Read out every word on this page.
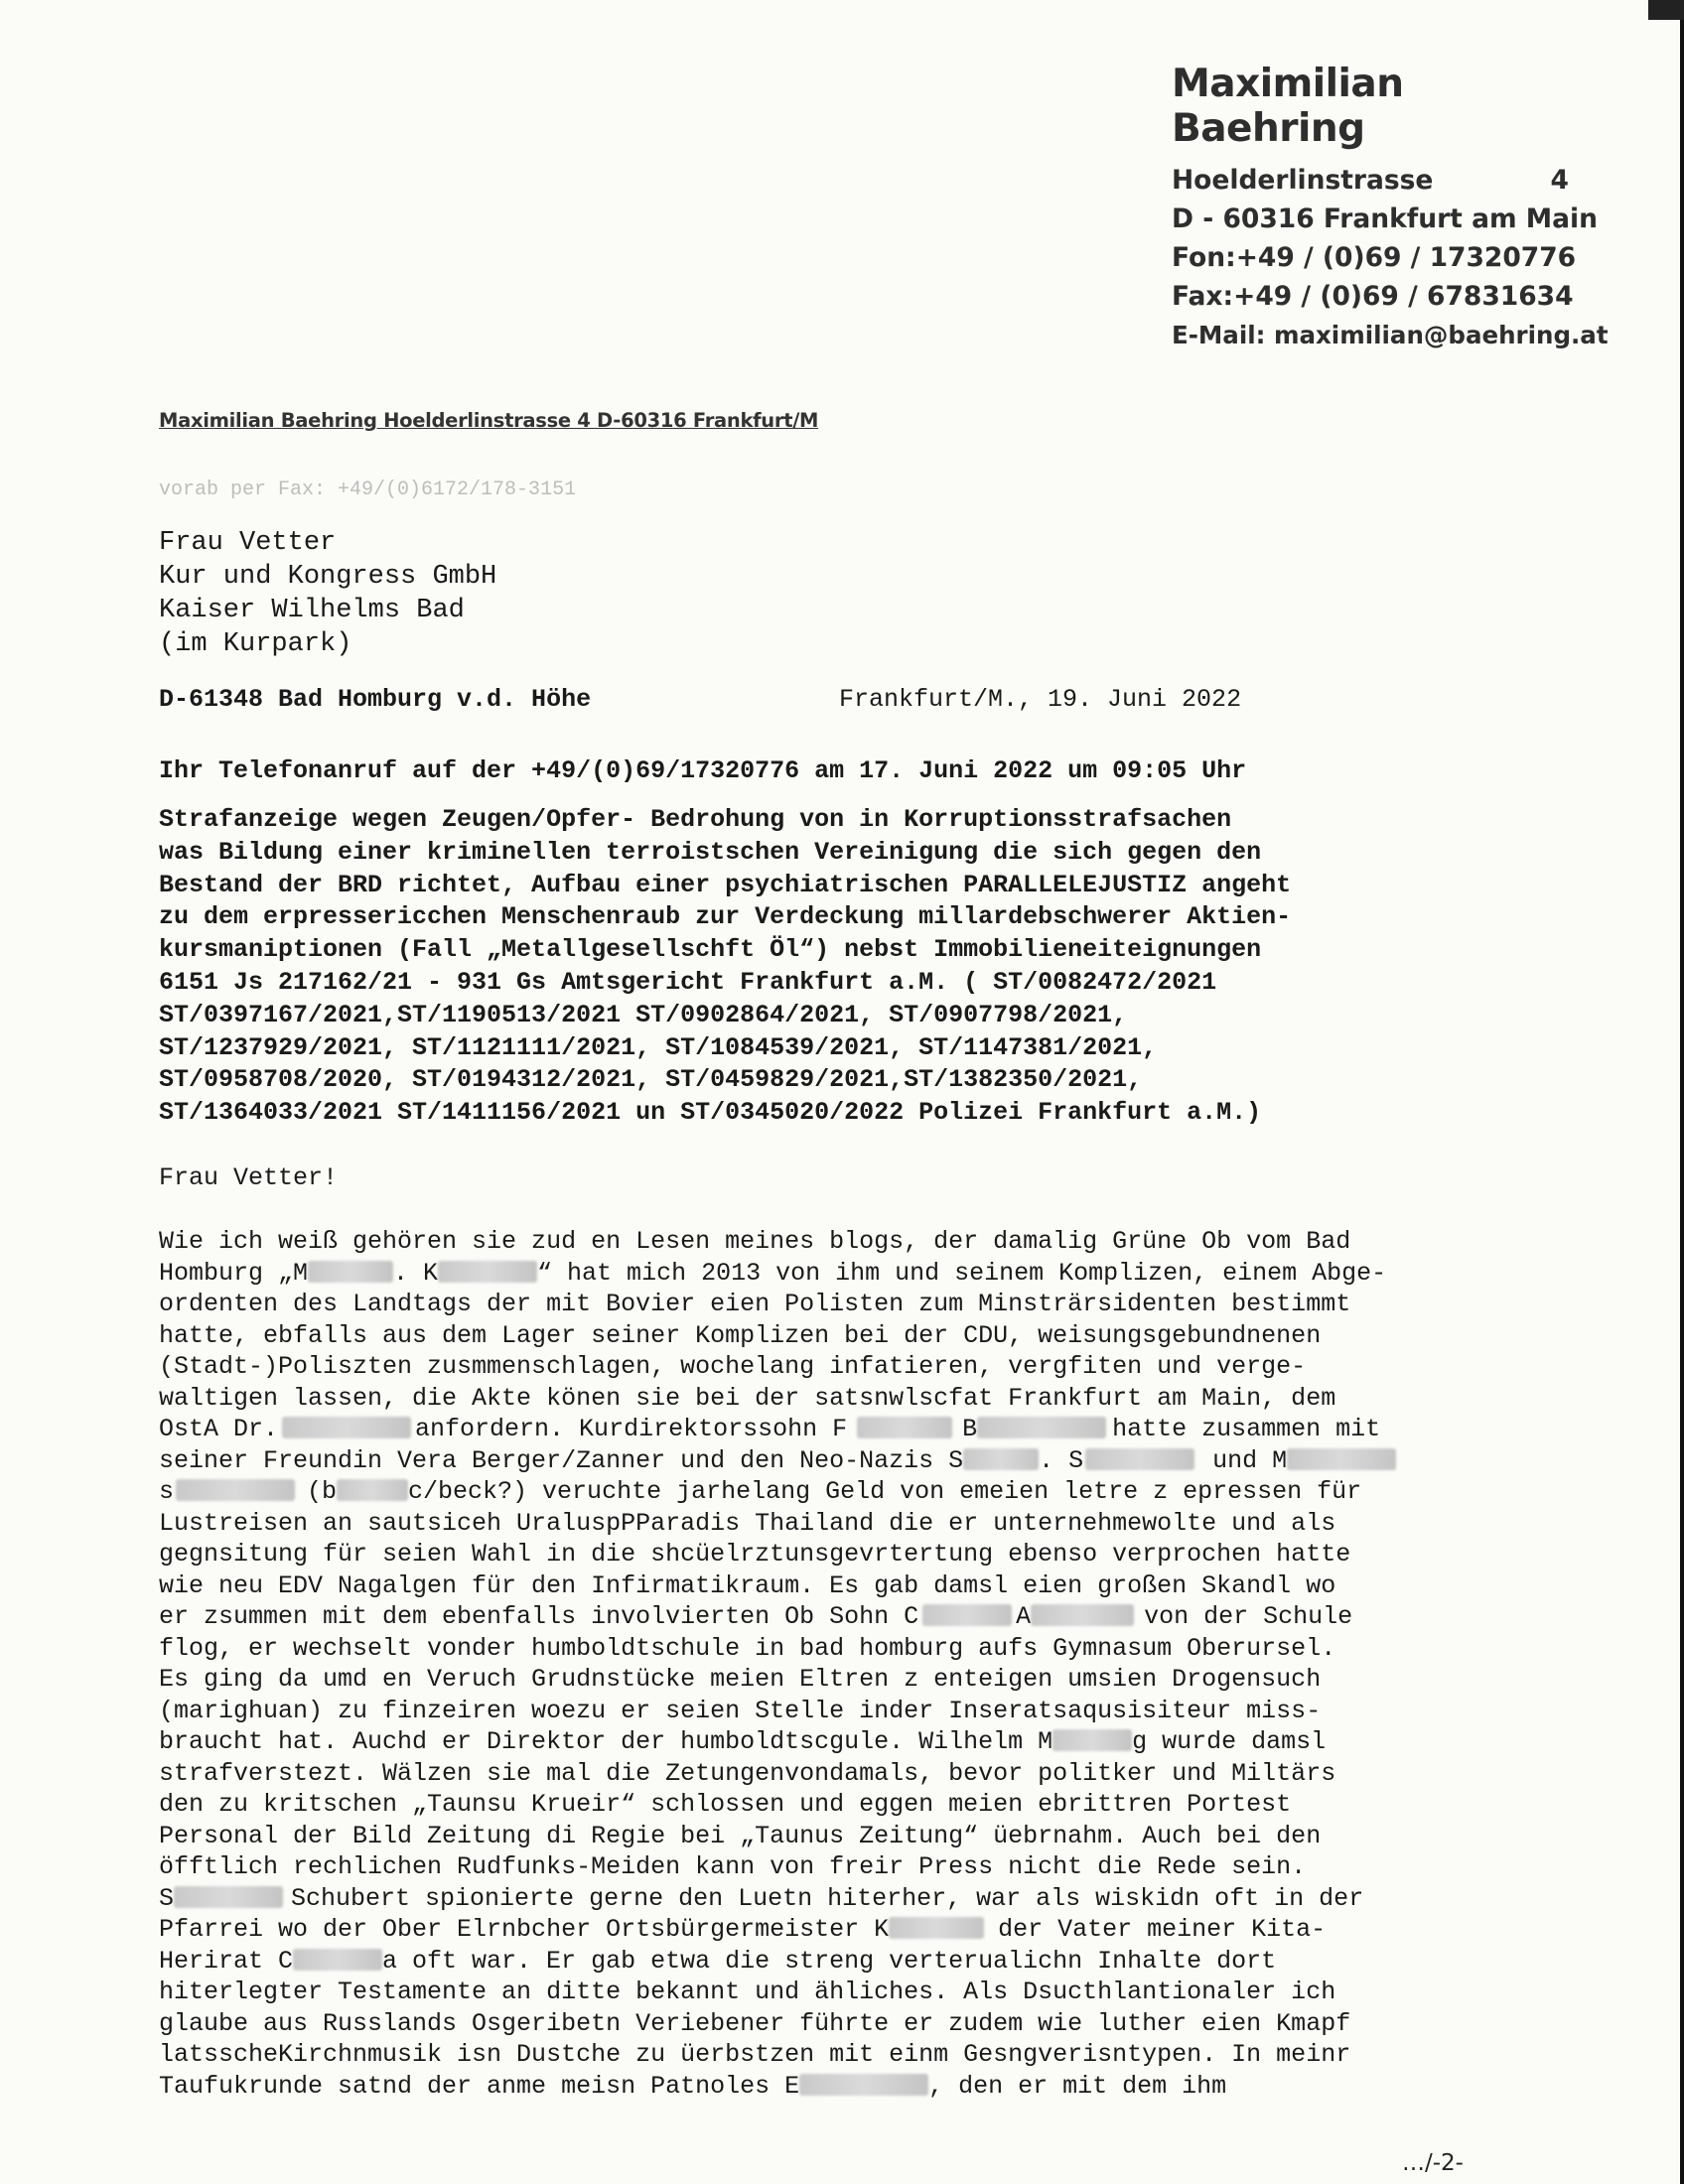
Maximilian Baehring
Hoelderlinstrasse	4
D - 60316 Frankfurt am Main
Fon: +49 / (0)69 / 17320776
Fax: +49 / (0)69 / 67831634
E-Mail: maximilian@baehring.at
Maximilian Baehring Hoelderlinstrasse 4 D-60316 Frankfurt/M
vorab per Fax: +49/(0)6172/178-3151
Frau Vetter
Kur und Kongress GmbH
Kaiser Wilhelms Bad
(im Kurpark)
D-61348 Bad Homburg v.d. Höhe	Frankfurt/M., 19. Juni 2022
Ihr Telefonanruf auf der +49/(0)69/17320776 am 17. Juni 2022 um 09:05 Uhr
Strafanzeige wegen Zeugen/Opfer- Bedrohung von in Korruptionsstrafsachen
was Bildung einer kriminellen terroistschen Vereinigung die sich gegen den
Bestand der BRD richtet, Aufbau einer psychiatrischen PARALLELEJUSTIZ angeht
zu dem erpressericchen Menschenraub zur Verdeckung millardebschwerer Aktien-
kursmaniptionen (Fall „Metallgesellschft Öl“) nebst Immobilieneiteignungen
6151 Js 217162/21 - 931 Gs Amtsgericht Frankfurt a.M. ( ST/0082472/2021
ST/0397167/2021,ST/1190513/2021 ST/0902864/2021, ST/0907798/2021,
ST/1237929/2021, ST/1121111/2021, ST/1084539/2021, ST/1147381/2021,
ST/0958708/2020, ST/0194312/2021, ST/0459829/2021,ST/1382350/2021,
ST/1364033/2021 ST/1411156/2021 un ST/0345020/2022 Polizei Frankfurt a.M.)
Frau Vetter!
Wie ich weiß gehören sie zud en Lesen meines blogs, der damalig Grüne Ob vom Bad
Homburg „M	. K	“ hat mich 2013 von ihm und seinem Komplizen, einem Abge-
ordenten des Landtags der mit Bovier eien Polisten zum Minsträrsidenten bestimmt
hatte, ebfalls aus dem Lager seiner Komplizen bei der CDU, weisungsgebundnenen
(Stadt-)Poliszten zusmmenschlagen, wochelang infatieren, vergfiten und verge-
waltigen lassen, die Akte könen sie bei der satsnwlscfat Frankfurt am Main, dem
OstA Dr.	anfordern. Kurdirektorssohn F	B	hatte zusammen mit
seiner Freundin Vera Berger/Zanner und den Neo-Nazis S	. S	und M
s	(b	c/beck?) veruchte jarhelang Geld von emeien letre z epressen für
Lustreisen an sautsiceh UraluspPParadis Thailand die er unternehmewolte und als
gegnsitung für seien Wahl in die shcüelrztunsgevrtertung ebenso verprochen hatte
wie neu EDV Nagalgen für den Infirmatikraum. Es gab damsl eien großen Skandl wo
er zsummen mit dem ebenfalls involvierten Ob Sohn C	A	von der Schule
flog, er wechselt vonder humboldtschule in bad homburg aufs Gymnasum Oberursel.
Es ging da umd en Veruch Grudnstücke meien Eltren z enteigen umsien Drogensuch
(marighuan) zu finzeiren woezu er seien Stelle inder Inseratsaqusisiteur miss-
braucht hat. Auchd er Direktor der humboldtscgule. Wilhelm M	g wurde damsl
strafverstezt. Wälzen sie mal die Zetungenvondamals, bevor politker und Miltärs
den zu kritschen „Taunsu Krueir“ schlossen und eggen meien ebrittren Portest
Personal der Bild Zeitung di Regie bei „Taunus Zeitung“ üebrnahm. Auch bei den
öfftlich rechlichen Rudfunks-Meiden kann von freir Press nicht die Rede sein.
S	Schubert spionierte gerne den Luetn hiterher, war als wiskidn oft in der
Pfarrei wo der Ober Elrnbcher Ortsbürgermeister K	der Vater meiner Kita-
Herirat C	a oft war. Er gab etwa die streng verterualichn Inhalte dort
hiterlegter Testamente an ditte bekannt und ähliches. Als Dsucthlantionaler ich
glaube aus Russlands Osgeribetn Veriebener führte er zudem wie luther eien Kmapf
latsscheKirchnmusik isn Dustche zu üerbstzen mit einm Gesngverisntypen. In meinr
Taufukrunde satnd der anme meisn Patnoles E	, den er mit dem ihm
…/-2-
